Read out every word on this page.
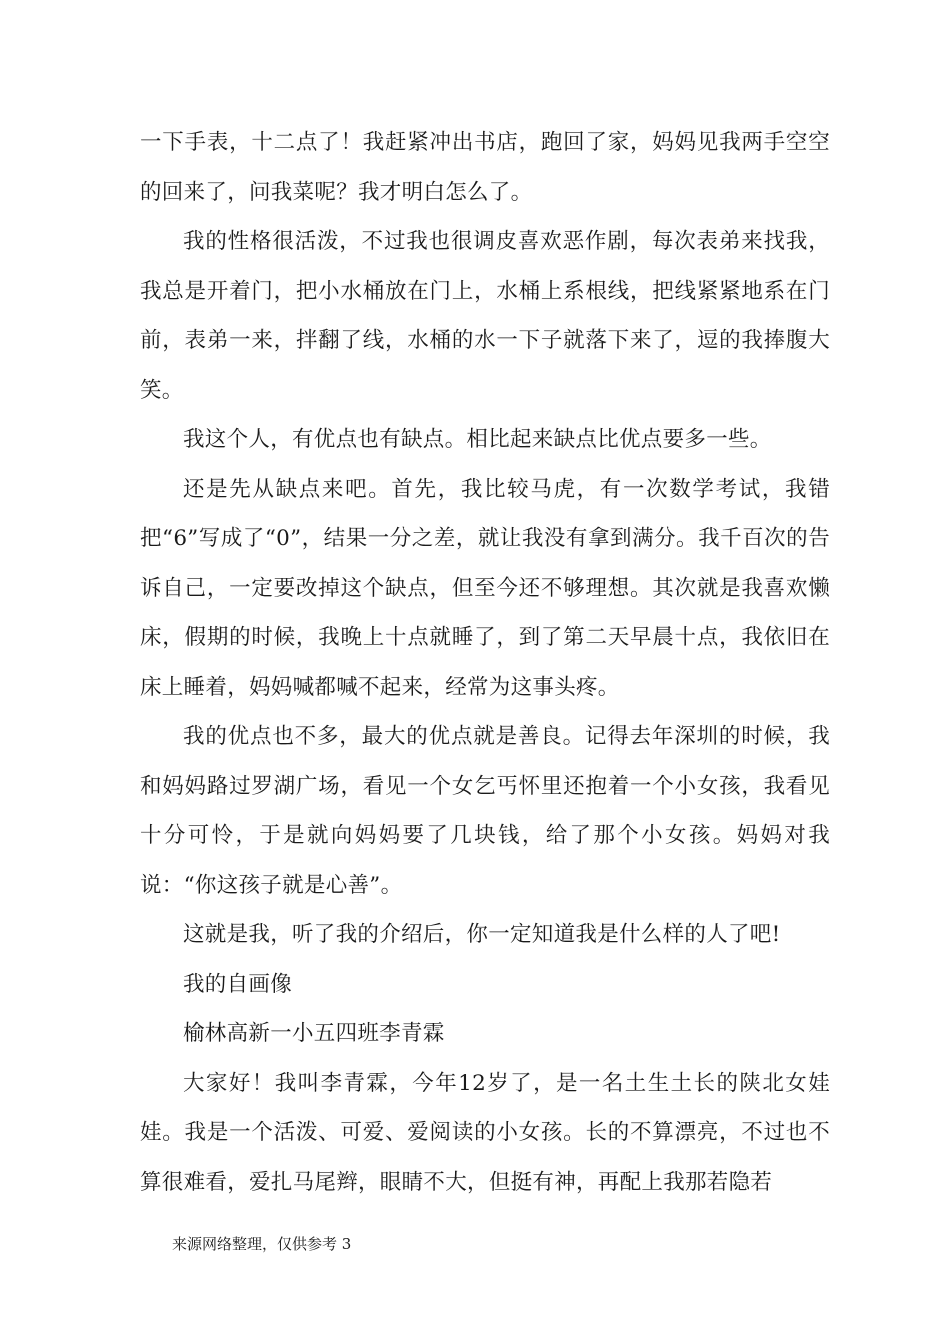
一下手表，十二点了！我赶紧冲出书店，跑回了家，妈妈见我两手空空的回来了，问我菜呢？我才明白怎么了。

我的性格很活泼，不过我也很调皮喜欢恶作剧，每次表弟来找我，我总是开着门，把小水桶放在门上，水桶上系根线，把线紧紧地系在门前，表弟一来，拌翻了线，水桶的水一下子就落下来了，逗的我捧腹大笑。

我这个人，有优点也有缺点。相比起来缺点比优点要多一些。

还是先从缺点来吧。首先，我比较马虎，有一次数学考试，我错把“6”写成了“0”，结果一分之差，就让我没有拿到满分。我千百次的告诉自己，一定要改掉这个缺点，但至今还不够理想。其次就是我喜欢懒床，假期的时候，我晚上十点就睡了，到了第二天早晨十点，我依旧在床上睡着，妈妈喊都喊不起来，经常为这事头疼。

我的优点也不多，最大的优点就是善良。记得去年深圳的时候，我和妈妈路过罗湖广场，看见一个女乞丐怀里还抱着一个小女孩，我看见十分可怜，于是就向妈妈要了几块钱，给了那个小女孩。妈妈对我说：“你这孩子就是心善”。

这就是我，听了我的介绍后，你一定知道我是什么样的人了吧!

我的自画像

榆林高新一小五四班李青霖

大家好！我叫李青霖，今年12岁了，是一名土生土长的陕北女娃娃。我是一个活泼、可爱、爱阅读的小女孩。长的不算漂亮，不过也不算很难看，爱扎马尾辫，眼睛不大，但挺有神，再配上我那若隐若

来源网络整理，仅供参考 3
